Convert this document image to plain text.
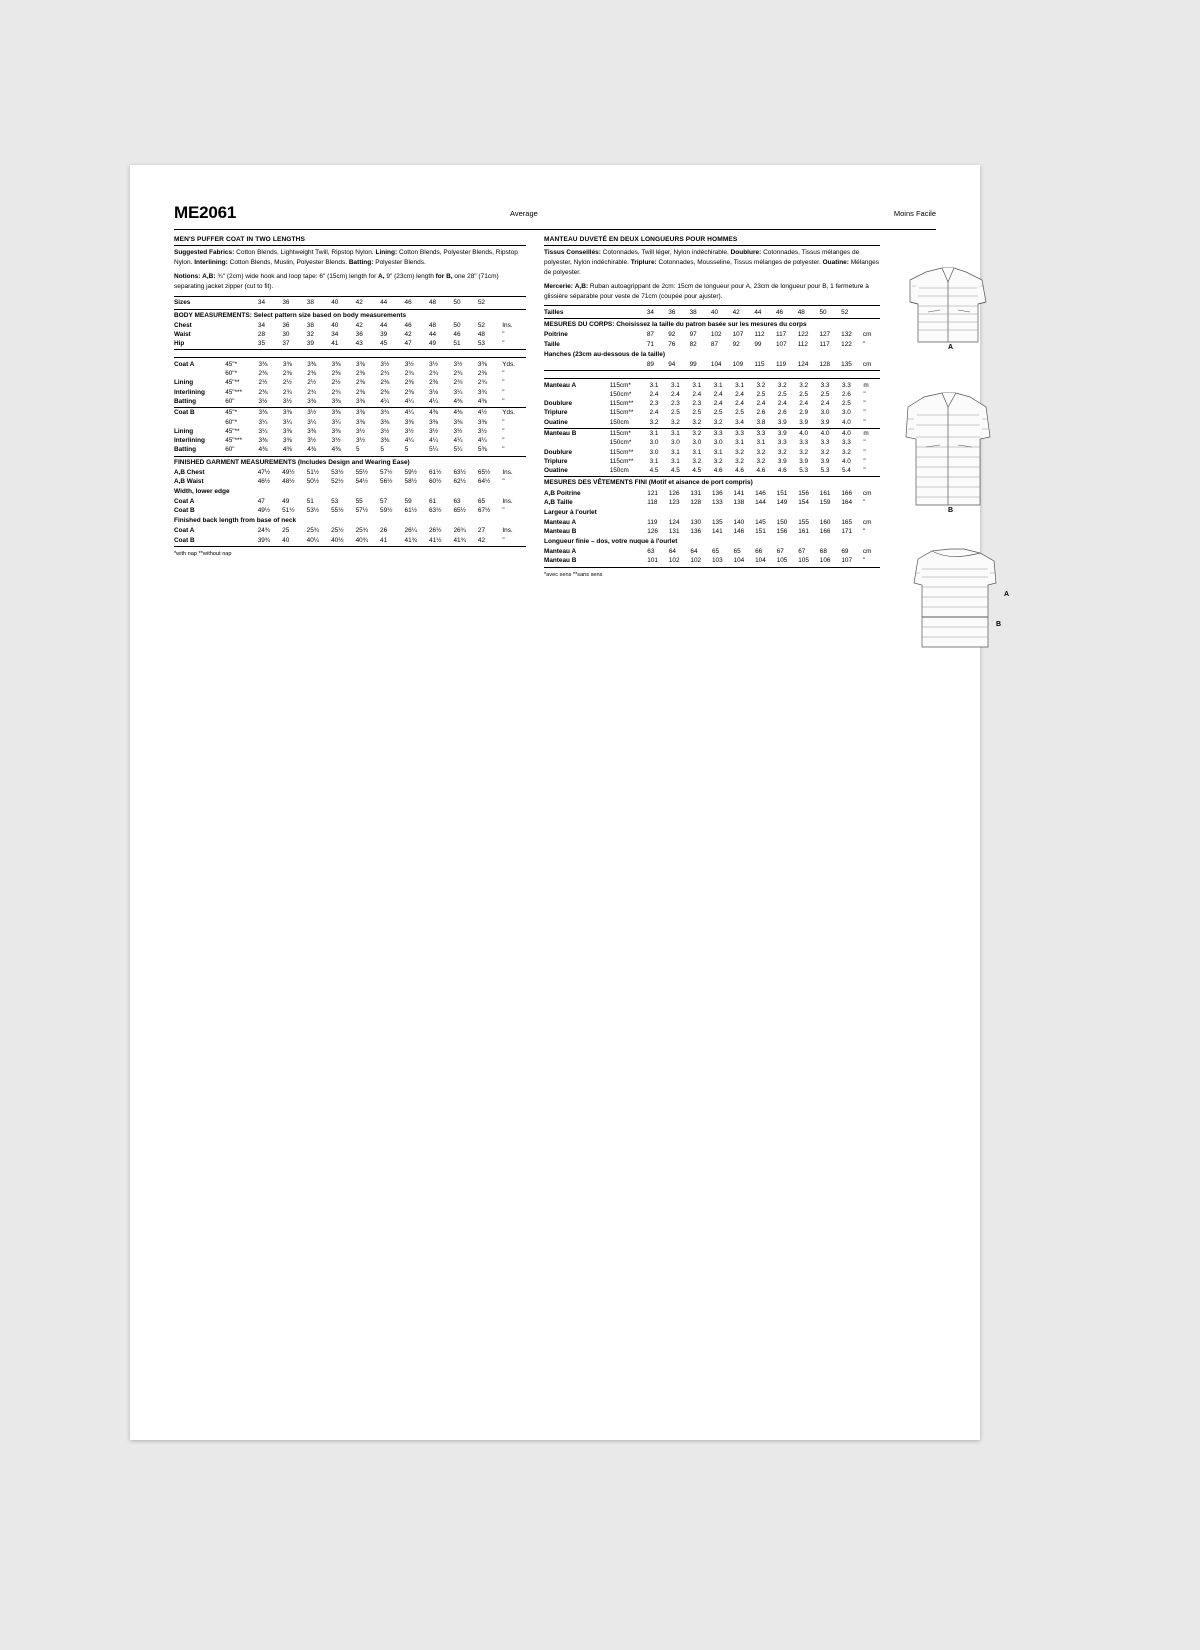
ME2061	Average	Moins Facile
MEN'S PUFFER COAT IN TWO LENGTHS
Suggested Fabrics: Cotton Blends, Lightweight Twill, Ripstop Nylon. Lining: Cotton Blends, Polyester Blends, Ripstop Nylon. Interlining: Cotton Blends, Muslin, Polyester Blends. Batting: Polyester Blends.
Notions: A,B: ¾" (2cm) wide hook and loop tape: 6" (15cm) length for A, 9" (23cm) length for B, one 28" (71cm) separating jacket zipper (cut to fit).
Sizes		34	36	38	40	42	44	46	48	50	52	
BODY MEASUREMENTS: Select pattern size based on body measurements												
Chest		34	36	38	40	42	44	46	48	50	52	Ins.
Waist		28	30	32	34	36	39	42	44	46	48	"
Hip		35	37	39	41	43	45	47	49	51	53	"
Coat A	45"*	3⅜	3⅜	3⅜	3⅜	3⅜	3½	3½	3½	3½	3⅜	Yds.
	60"*	2⅜	2⅜	2⅜	2⅜	2⅜	2¾	2¾	2¾	2¾	2⅜	"
Lining	45"**	2½	2½	2½	2½	2⅜	2⅜	2⅜	2⅜	2¾	2¾	"
Interlining	45"***	2⅜	2¾	2¾	2¾	2⅜	2⅜	2⅜	3⅛	3¼	3¾	"
Batting	60"	3½	3½	3⅜	3⅜	3⅜	4¼	4¼	4¼	4⅜	4⅜	"
Coat B	45"*	3⅜	3⅜	3½	3⅜	3⅜	3¾	4¼	4⅜	4⅜	4½	Yds.
	60"*	3¼	3¼	3¼	3¼	3⅜	3⅜	3⅜	3⅜	3⅜	3⅜	"
Lining	45"**	3¼	3⅜	3⅜	3⅜	3½	3½	3½	3½	3½	3½	"
Interlining	45"***	3⅜	3⅜	3½	3½	3½	3⅜	4¼	4¼	4¼	4¼	"
Batting	60"	4⅜	4⅜	4⅜	4⅜	5	5	5	5¼	5¼	5⅜	"
FINISHED GARMENT MEASUREMENTS (Includes Design and Wearing Ease)												
A,B Chest		47½	49½	51½	53½	55½	57½	59½	61½	63½	65½	Ins.
A,B Waist		46½	48½	50½	52½	54½	56½	58½	60½	62½	64½	"
Width, lower edge												
Coat A		47	49	51	53	55	57	59	61	63	65	Ins.
Coat B		49½	51½	53½	55½	57½	59½	61½	63½	65½	67½	"
Finished back length from base of neck												
Coat A		24¾	25	25¾	25½	25¾	26	26¼	26½	26¾	27	Ins.
Coat B		39¾	40	40¼	40½	40¾	41	41¾	41½	41¾	42	"
*with nap **without nap
MANTEAU DUVETÉ EN DEUX LONGUEURS POUR HOMMES
Tissus Conseillés: Cotonnades, Twill léger, Nylon indéchirable. Doublure: Cotonnades, Tissus mélanges de polyester, Nylon indéchirable. Triplure: Cotonnades, Mousseline, Tissus mélanges de polyester. Ouatine: Mélanges de polyester.
Mercerie: A,B: Ruban autoagrippant de 2cm: 15cm de longueur pour A, 23cm de longueur pour B, 1 fermeture à glissière séparable pour veste de 71cm (coupée pour ajuster).
Tailles		34	36	38	40	42	44	46	48	50	52	
MESURES DU CORPS: Choisissez la taille du patron basée sur les mesures du corps												
Poitrine		87	92	97	102	107	112	117	122	127	132	cm
Taille		71	76	82	87	92	99	107	112	117	122	"
Hanches (23cm au-dessous de la taille)												
		89	94	99	104	109	115	119	124	128	135	cm
Manteau A	115cm*	3.1	3.1	3.1	3.1	3.1	3.2	3.2	3.2	3.3	3.3	m
	150cm*	2.4	2.4	2.4	2.4	2.4	2.5	2.5	2.5	2.5	2.6	"
Doublure	115cm**	2.3	2.3	2.3	2.4	2.4	2.4	2.4	2.4	2.4	2.5	"
Triplure	115cm**	2.4	2.5	2.5	2.5	2.5	2.6	2.6	2.9	3.0	3.0	"
Ouatine	150cm	3.2	3.2	3.2	3.2	3.4	3.8	3.9	3.9	3.9	4.0	"
Manteau B	115cm*	3.1	3.1	3.2	3.3	3.3	3.3	3.9	4.0	4.0	4.0	m
	150cm*	3.0	3.0	3.0	3.0	3.1	3.1	3.3	3.3	3.3	3.3	"
Doublure	115cm**	3.0	3.1	3.1	3.1	3.2	3.2	3.2	3.2	3.2	3.2	"
Triplure	115cm**	3.1	3.1	3.2	3.2	3.2	3.2	3.9	3.9	3.9	4.0	"
Ouatine	150cm	4.5	4.5	4.5	4.6	4.6	4.6	4.6	5.3	5.3	5.4	"
MESURES DES VÊTEMENTS FINI (Motif et aisance de port compris)												
A,B Poitrine		121	126	131	136	141	146	151	156	161	166	cm
A,B Taille		118	123	128	133	138	144	149	154	159	164	"
Largeur à l'ourlet												
Manteau A		119	124	130	135	140	145	150	155	160	165	cm
Manteau B		126	131	136	141	146	151	156	161	166	171	"
Longueur finie – dos, votre nuque à l'ourlet												
Manteau A		63	64	64	65	65	66	67	67	68	69	cm
Manteau B		101	102	102	103	104	104	105	105	106	107	"
*avec sens **sans sens
A
B
A
B
